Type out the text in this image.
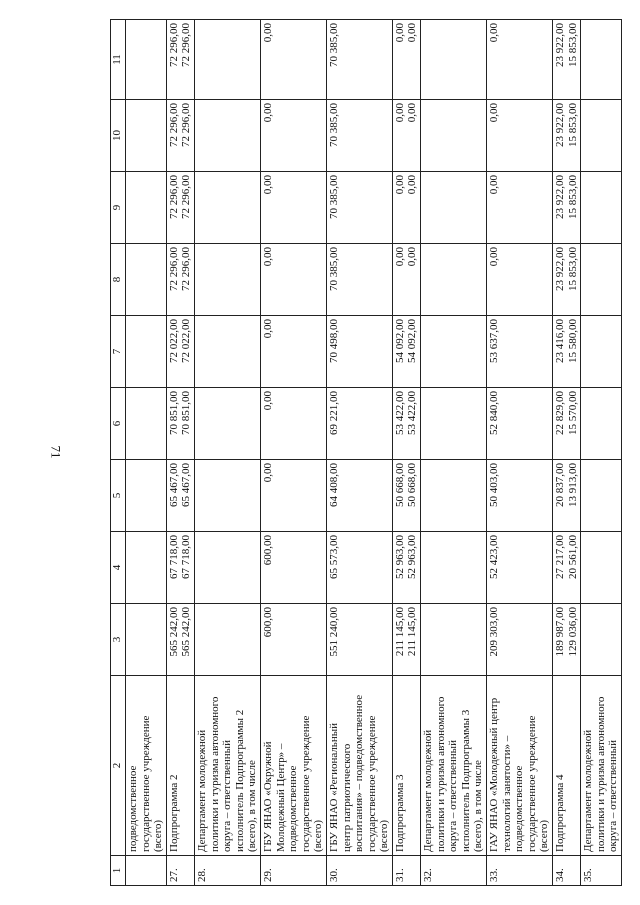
71
1	2	3	4	5	6	7	8	9	10	11

	подведомственное государственное учреждение (всего)									

27.	Подпрограмма 2	565 242,00 565 242,00	67 718,00 67 718,00	65 467,00 65 467,00	70 851,00 70 851,00	72 022,00 72 022,00	72 296,00 72 296,00	72 296,00 72 296,00	72 296,00 72 296,00	72 296,00 72 296,00

28.	Департамент молодежной политики и туризма автономного округа – ответственный исполнитель Подпрограммы 2 (всего), в том числе									

29.	ГБУ ЯНАО «Окружной Молодежный Центр» – подведомственное государственное учреждение (всего)	600,00	600,00	0,00	0,00	0,00	0,00	0,00	0,00	0,00

30.	ГБУ ЯНАО «Региональный центр патриотического воспитания» – подведомственное государственное учреждение (всего)	551 240,00	65 573,00	64 408,00	69 221,00	70 498,00	70 385,00	70 385,00	70 385,00	70 385,00

31.	Подпрограмма 3	211 145,00 211 145,00	52 963,00 52 963,00	50 668,00 50 668,00	53 422,00 53 422,00	54 092,00 54 092,00	0,00 0,00	0,00 0,00	0,00 0,00	0,00 0,00

32.	Департамент молодежной политики и туризма автономного округа – ответственный исполнитель Подпрограммы 3 (всего), в том числе									

33.	ГАУ ЯНАО «Молодежный центр технологий занятости» – подведомственное государственное учреждение (всего)	209 303,00	52 423,00	50 403,00	52 840,00	53 637,00	0,00	0,00	0,00	0,00

34.	Подпрограмма 4	189 987,00 129 036,00	27 217,00 20 561,00	20 837,00 13 913,00	22 829,00 15 570,00	23 416,00 15 580,00	23 922,00 15 853,00	23 922,00 15 853,00	23 922,00 15 853,00	23 922,00 15 853,00

35.	Департамент молодежной политики и туризма автономного округа – ответственный									
